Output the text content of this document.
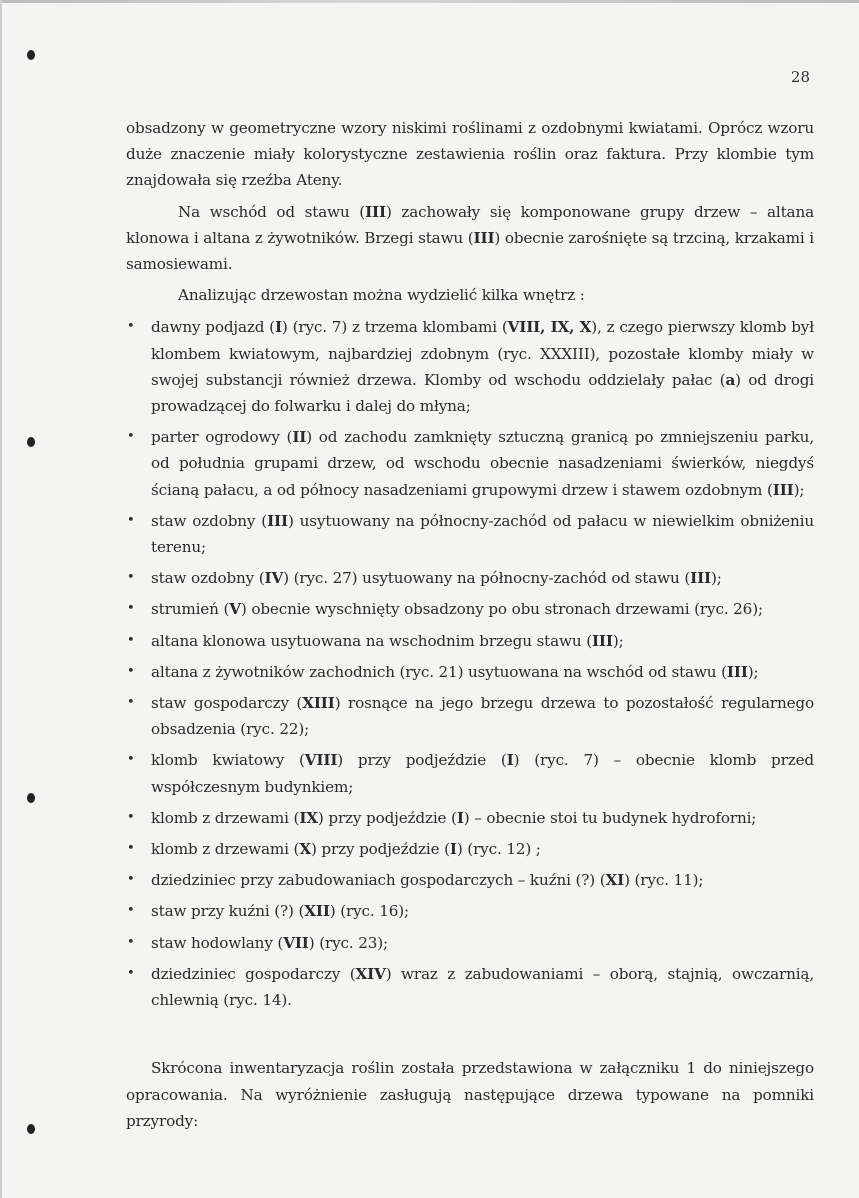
28

obsadzony w geometryczne wzory niskimi roślinami z ozdobnymi kwiatami. Oprócz wzoru duże znaczenie miały kolorystyczne zestawienia roślin oraz faktura. Przy klombie tym znajdowała się rzeźba Ateny.

Na wschód od stawu (III) zachowały się komponowane grupy drzew – altana klonowa i altana z żywotników. Brzegi stawu (III) obecnie zarośnięte są trzciną, krzakami i samosiewami.

Analizując drzewostan można wydzielić kilka wnętrz :

• dawny podjazd (I) (ryc. 7) z trzema klombami (VIII, IX, X), z czego pierwszy klomb był klombem kwiatowym, najbardziej zdobnym (ryc. XXXIII), pozostałe klomby miały w swojej substancji również drzewa. Klomby od wschodu oddzielały pałac (a) od drogi prowadzącej do folwarku i dalej do młyna;
• parter ogrodowy (II) od zachodu zamknięty sztuczną granicą po zmniejszeniu parku, od południa grupami drzew, od wschodu obecnie nasadzeniami świerków, niegdyś ścianą pałacu, a od północy nasadzeniami grupowymi drzew i stawem ozdobnym (III);
• staw ozdobny (III) usytuowany na północny-zachód od pałacu w niewielkim obniżeniu terenu;
• staw ozdobny (IV) (ryc. 27) usytuowany na północny-zachód od stawu (III);
• strumień (V) obecnie wyschnięty obsadzony po obu stronach drzewami (ryc. 26);
• altana klonowa usytuowana na wschodnim brzegu stawu (III);
• altana z żywotników zachodnich (ryc. 21) usytuowana na wschód od stawu (III);
• staw gospodarczy (XIII) rosnące na jego brzegu drzewa to pozostałość regularnego obsadzenia (ryc. 22);
• klomb kwiatowy (VIII) przy podjeździe (I) (ryc. 7) – obecnie klomb przed współczesnym budynkiem;
• klomb z drzewami (IX) przy podjeździe (I) – obecnie stoi tu budynek hydroforni;
• klomb z drzewami (X) przy podjeździe (I) (ryc. 12) ;
• dziedziniec przy zabudowaniach gospodarczych – kuźni (?) (XI) (ryc. 11);
• staw przy kuźni (?) (XII) (ryc. 16);
• staw hodowlany (VII) (ryc. 23);
• dziedziniec gospodarczy (XIV) wraz z zabudowaniami – oborą, stajnią, owczarnią, chlewnią (ryc. 14).

Skrócona inwentaryzacja roślin została przedstawiona w załączniku 1 do niniejszego opracowania. Na wyróżnienie zasługują następujące drzewa typowane na pomniki przyrody:
